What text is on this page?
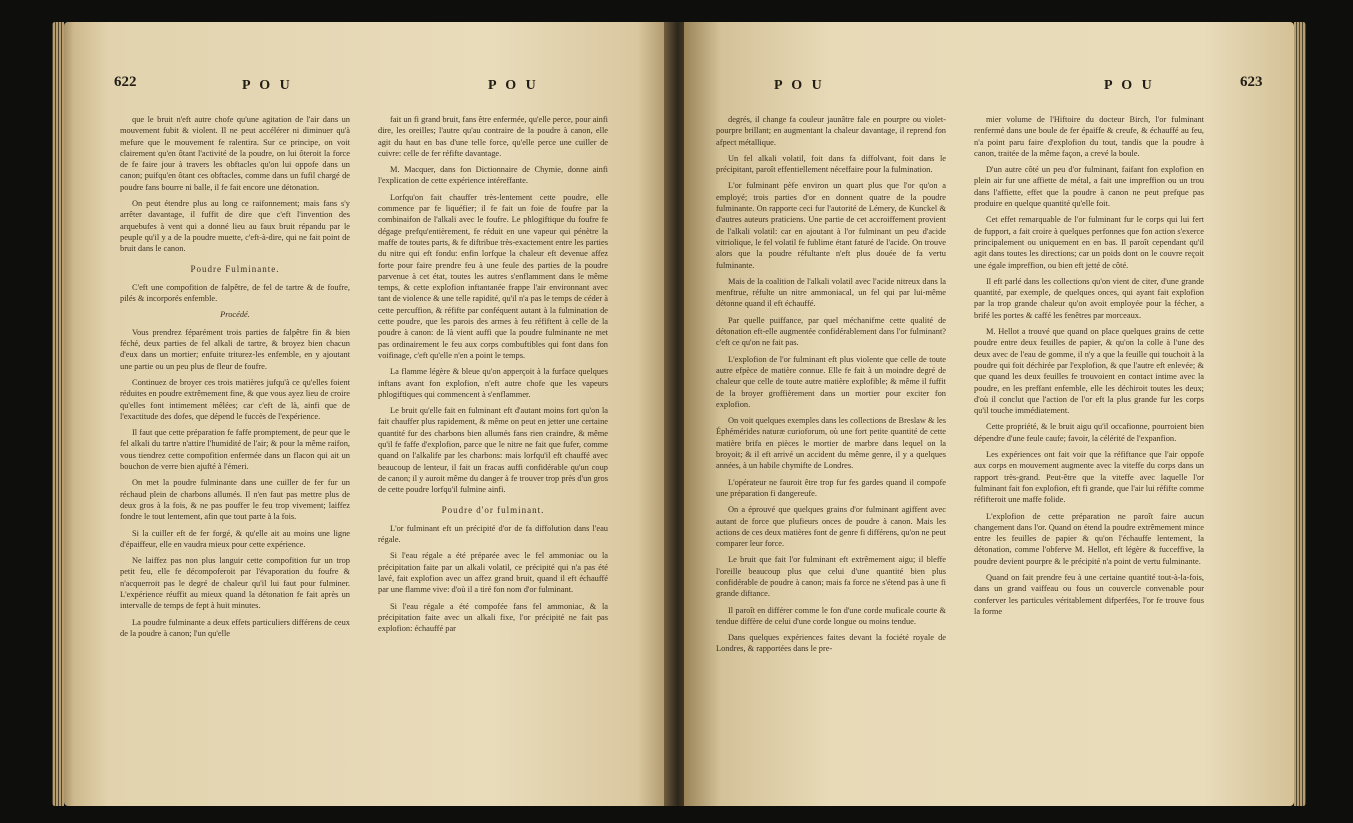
622	P O U	P O U

que le bruit n'eft autre chofe qu'une agitation de l'air dans un mouvement fubit & violent. Il ne peut accélérer ni diminuer qu'à mefure que le mouvement fe ralentira. Sur ce principe, on voit clairement qu'en ôtant l'activité de la poudre, on lui ôteroit la force de fe faire jour à travers les obftacles qu'on lui oppofe dans un canon; puifqu'en ôtant ces obftacles, comme dans un fufil chargé de poudre fans bourre ni balle, il fe fait encore une détonation.

On peut étendre plus au long ce raifonnement; mais fans s'y arrêter davantage, il fuffit de dire que c'eft l'invention des arquebufes à vent qui a donné lieu au faux bruit répandu par le peuple qu'il y a de la poudre muette, c'eft-à-dire, qui ne fait point de bruit dans le canon.

Poudre Fulminante.

C'eft une compofition de falpêtre, de fel de tartre & de foufre, pilés & incorporés enfemble.

Procédé.

Vous prendrez féparément trois parties de falpêtre fin & bien féché, deux parties de fel alkali de tartre, & broyez bien chacun d'eux dans un mortier; enfuite triturez-les enfemble, en y ajoutant une partie ou un peu plus de fleur de foufre.

Continuez de broyer ces trois matières jufqu'à ce qu'elles foient réduites en poudre extrêmement fine, & que vous ayez lieu de croire qu'elles font intimement mêlées; car c'eft de là, ainfi que de l'exactitude des dofes, que dépend le fuccès de l'expérience.

Il faut que cette préparation fe faffe promptement, de peur que le fel alkali du tartre n'attire l'humidité de l'air; & pour la même raifon, vous tiendrez cette compofition enfermée dans un flacon qui ait un bouchon de verre bien ajufté à l'émeri.

On met la poudre fulminante dans une cuiller de fer fur un réchaud plein de charbons allumés. Il n'en faut pas mettre plus de deux gros à la fois, & ne pas pouffer le feu trop vivement; laiffez fondre le tout lentement, afin que tout parte à la fois.

Si la cuiller eft de fer forgé, & qu'elle ait au moins une ligne d'épaiffeur, elle en vaudra mieux pour cette expérience.

Ne laiffez pas non plus languir cette compofition fur un trop petit feu, elle fe décompoferoit par l'évaporation du foufre & n'acquerroit pas le degré de chaleur qu'il lui faut pour fulminer. L'expérience réuffit au mieux quand la détonation fe fait après un intervalle de temps de fept à huit minutes.

La poudre fulminante a deux effets particuliers différens de ceux de la poudre à canon; l'un qu'elle

fait un fi grand bruit, fans être enfermée, qu'elle perce, pour ainfi dire, les oreilles; l'autre qu'au contraire de la poudre à canon, elle agit du haut en bas d'une telle force, qu'elle perce une cuiller de cuivre: celle de fer réfifte davantage.

M. Macquer, dans fon Dictionnaire de Chymie, donne ainfi l'explication de cette expérience intéreffante.

Lorfqu'on fait chauffer très-lentement cette poudre, elle commence par fe liquéfier; il fe fait un foie de foufre par la combinaifon de l'alkali avec le foufre. Le phlogiftique du foufre fe dégage prefqu'entièrement, fe réduit en une vapeur qui pénètre la maffe de toutes parts, & fe diftribue très-exactement entre les parties du nitre qui eft fondu: enfin lorfque la chaleur eft devenue affez forte pour faire prendre feu à une feule des parties de la poudre parvenue à cet état, toutes les autres s'enflamment dans le même temps, & cette explofion inftantanée frappe l'air environnant avec tant de violence & une telle rapidité, qu'il n'a pas le temps de céder à cette percuffion, & réfifte par conféquent autant à la fulmination de cette poudre, que les parois des armes à feu réfiftent à celle de la poudre à canon: de là vient auffi que la poudre fulminante ne met pas ordinairement le feu aux corps combuftibles qui font dans fon voifinage, c'eft qu'elle n'en a point le temps.

La flamme légère & bleue qu'on apperçoit à la furface quelques inftans avant fon explofion, n'eft autre chofe que les vapeurs phlogiftiques qui commencent à s'enflammer.

Le bruit qu'elle fait en fulminant eft d'autant moins fort qu'on la fait chauffer plus rapidement, & même on peut en jetter une certaine quantité fur des charbons bien allumés fans rien craindre, & même qu'il fe faffe d'explofion, parce que le nitre ne fait que fufer, comme quand on l'alkalife par les charbons: mais lorfqu'il eft chauffé avec beaucoup de lenteur, il fait un fracas auffi confidérable qu'un coup de canon; il y auroit même du danger à fe trouver trop près d'un gros de cette poudre lorfqu'il fulmine ainfi.

Poudre d'or fulminant.

L'or fulminant eft un précipité d'or de fa diffolution dans l'eau régale.

Si l'eau régale a été préparée avec le fel ammoniac ou la précipitation faite par un alkali volatil, ce précipité qui n'a pas été lavé, fait explofion avec un affez grand bruit, quand il eft échauffé par une flamme vive: d'où il a tiré fon nom d'or fulminant.

Si l'eau régale a été compofée fans fel ammoniac, & la précipitation faite avec un alkali fixe, l'or précipité ne fait pas explofion: échauffé par

P O U	P O U	623

degrés, il change fa couleur jaunâtre fale en pourpre ou violet-pourpre brillant; en augmentant la chaleur davantage, il reprend fon afpect métallique.

Un fel alkali volatil, foit dans fa diffolvant, foit dans le précipitant, paroît effentiellement néceffaire pour la fulmination.

L'or fulminant pèfe environ un quart plus que l'or qu'on a employé; trois parties d'or en donnent quatre de la poudre fulminante. On rapporte ceci fur l'autorité de Lémery, de Kunckel & d'autres auteurs praticiens. Une partie de cet accroiffement provient de l'alkali volatil: car en ajoutant à l'or fulminant un peu d'acide vitriolique, le fel volatil fe fublime étant faturé de l'acide. On trouve alors que la poudre réfultante n'eft plus douée de fa vertu fulminante.

Mais de la coalition de l'alkali volatil avec l'acide nitreux dans la menftrue, réfulte un nitre ammoniacal, un fel qui par lui-même détonne quand il eft échauffé.

Par quelle puiffance, par quel méchanifme cette qualité de détonation eft-elle augmentée confidérablement dans l'or fulminant? c'eft ce qu'on ne fait pas.

L'explofion de l'or fulminant eft plus violente que celle de toute autre efpèce de matière connue. Elle fe fait à un moindre degré de chaleur que celle de toute autre matière explofible; & même il fuffit de la broyer groffièrement dans un mortier pour exciter fon explofion.

On voit quelques exemples dans les collections de Breslaw & les Éphémérides naturæ curioforum, où une fort petite quantité de cette matière brifa en pièces le mortier de marbre dans lequel on la broyoit; & il eft arrivé un accident du même genre, il y a quelques années, à un habile chymifte de Londres.

L'opérateur ne fauroit être trop fur fes gardes quand il compofe une préparation fi dangereufe.

On a éprouvé que quelques grains d'or fulminant agiffent avec autant de force que plufieurs onces de poudre à canon. Mais les actions de ces deux matières font de genre fi différens, qu'on ne peut comparer leur force.

Le bruit que fait l'or fulminant eft extrêmement aigu; il bleffe l'oreille beaucoup plus que celui d'une quantité bien plus confidérable de poudre à canon; mais fa force ne s'étend pas à une fi grande diftance.

Il paroît en différer comme le fon d'une corde muficale courte & tendue diffère de celui d'une corde longue ou moins tendue.

Dans quelques expériences faites devant la fociété royale de Londres, & rapportées dans le pre-

mier volume de l'Hiftoire du docteur Birch, l'or fulminant renfermé dans une boule de fer épaiffe & creufe, & échauffé au feu, n'a point paru faire d'explofion du tout, tandis que la poudre à canon, traitée de la même façon, a crevé la boule.

D'un autre côté un peu d'or fulminant, faifant fon explofion en plein air fur une affiette de métal, a fait une impreffion ou un trou dans l'affiette, effet que la poudre à canon ne peut prefque pas produire en quelque quantité qu'elle foit.

Cet effet remarquable de l'or fulminant fur le corps qui lui fert de fupport, a fait croire à quelques perfonnes que fon action s'exerce principalement ou uniquement en en bas. Il paroît cependant qu'il agit dans toutes les directions; car un poids dont on le couvre reçoit une égale impreffion, ou bien eft jetté de côté.

Il eft parlé dans les collections qu'on vient de citer, d'une grande quantité, par exemple, de quelques onces, qui ayant fait explofion par la trop grande chaleur qu'on avoit employée pour la fécher, a brifé les portes & caffé les fenêtres par morceaux.

M. Hellot a trouvé que quand on place quelques grains de cette poudre entre deux feuilles de papier, & qu'on la colle à l'une des deux avec de l'eau de gomme, il n'y a que la feuille qui touchoit à la poudre qui foit déchirée par l'explofion, & que l'autre eft enlevée; & que quand les deux feuilles fe trouvoient en contact intime avec la poudre, en les preffant enfemble, elle les déchiroit toutes les deux; d'où il conclut que l'action de l'or eft la plus grande fur les corps qu'il touche immédiatement.

Cette propriété, & le bruit aigu qu'il occafionne, pourroient bien dépendre d'une feule caufe; favoir, la célérité de l'expanfion.

Les expériences ont fait voir que la réfiftance que l'air oppofe aux corps en mouvement augmente avec la viteffe du corps dans un rapport très-grand. Peut-être que la viteffe avec laquelle l'or fulminant fait fon explofion, eft fi grande, que l'air lui réfifte comme réfifteroit une maffe folide.

L'explofion de cette préparation ne paroît faire aucun changement dans l'or. Quand on étend la poudre extrêmement mince entre les feuilles de papier & qu'on l'échauffe lentement, la détonation, comme l'obferve M. Hellot, eft légère & fucceffive, la poudre devient pourpre & le précipité n'a point de vertu fulminante.

Quand on fait prendre feu à une certaine quantité tout-à-la-fois, dans un grand vaiffeau ou fous un couvercle convenable pour conferver les particules véritablement difperfées, l'or fe trouve fous la forme
